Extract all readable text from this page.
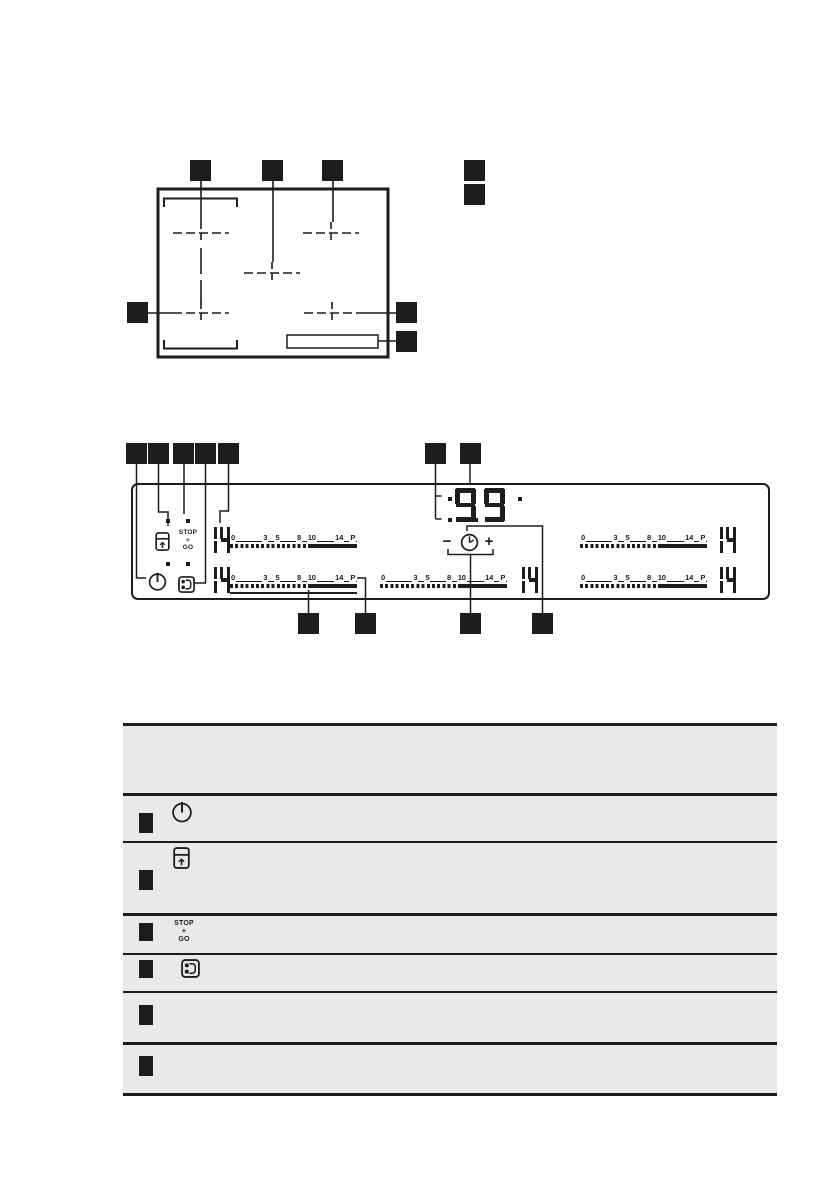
STOP
+
GO
0	3 5 8 10	14 P	0	3 5 8 10	14 P
0	3 5 8 10	14 P	0	3 5 8 10	14 P	0	3 5 8 10	14 P
−	+
STOP
+
GO
